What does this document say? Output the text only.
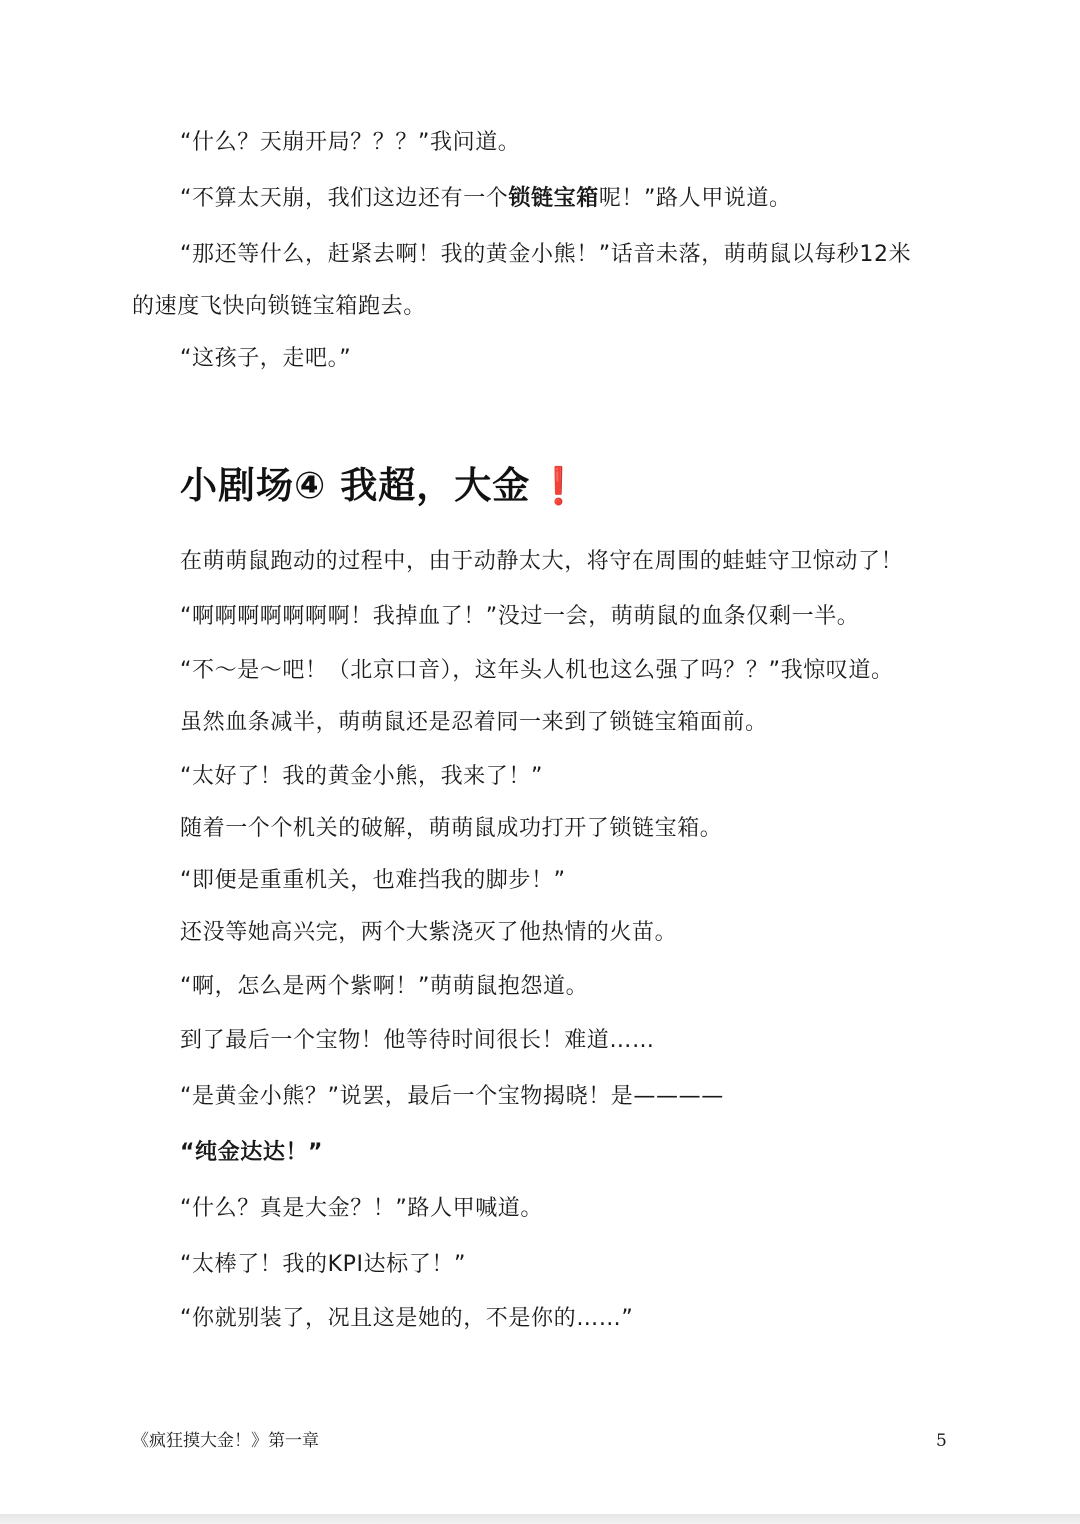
“什么？天崩开局？？？”我问道。
“不算太天崩，我们这边还有一个锁链宝箱呢！”路人甲说道。
“那还等什么，赶紧去啊！我的黄金小熊！”话音未落，萌萌鼠以每秒12米
的速度飞快向锁链宝箱跑去。
“这孩子，走吧。”
小剧场④ 我超，大金 ❗
在萌萌鼠跑动的过程中，由于动静太大，将守在周围的蛙蛙守卫惊动了！
“啊啊啊啊啊啊啊！我掉血了！”没过一会，萌萌鼠的血条仅剩一半。
“不～是～吧！（北京口音），这年头人机也这么强了吗？？”我惊叹道。
虽然血条减半，萌萌鼠还是忍着同一来到了锁链宝箱面前。
“太好了！我的黄金小熊，我来了！”
随着一个个机关的破解，萌萌鼠成功打开了锁链宝箱。
“即便是重重机关，也难挡我的脚步！”
还没等她高兴完，两个大紫浇灭了他热情的火苗。
“啊，怎么是两个紫啊！”萌萌鼠抱怨道。
到了最后一个宝物！他等待时间很长！难道……
“是黄金小熊？”说罢，最后一个宝物揭晓！是————
“纯金达达！”
“什么？真是大金？！”路人甲喊道。
“太棒了！我的KPI达标了！”
“你就别装了，况且这是她的，不是你的……”
《疯狂摸大金！》第一章	5
